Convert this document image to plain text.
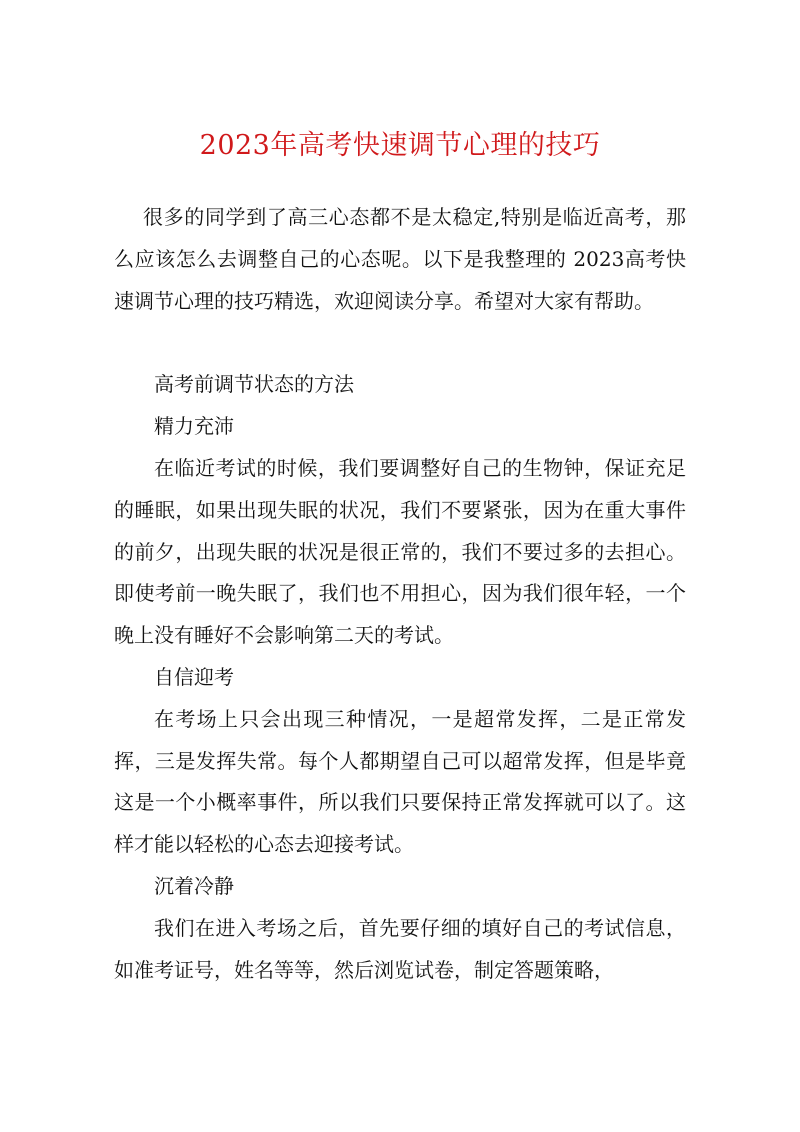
2023年高考快速调节心理的技巧

很多的同学到了高三心态都不是太稳定,特别是临近高考，那么应该怎么去调整自己的心态呢。以下是我整理的 2023高考快速调节心理的技巧精选，欢迎阅读分享。希望对大家有帮助。

高考前调节状态的方法

精力充沛

在临近考试的时候，我们要调整好自己的生物钟，保证充足的睡眠，如果出现失眠的状况，我们不要紧张，因为在重大事件的前夕，出现失眠的状况是很正常的，我们不要过多的去担心。即使考前一晚失眠了，我们也不用担心，因为我们很年轻，一个晚上没有睡好不会影响第二天的考试。

自信迎考

在考场上只会出现三种情况，一是超常发挥，二是正常发挥，三是发挥失常。每个人都期望自己可以超常发挥，但是毕竟这是一个小概率事件，所以我们只要保持正常发挥就可以了。这样才能以轻松的心态去迎接考试。

沉着冷静

我们在进入考场之后，首先要仔细的填好自己的考试信息，如准考证号，姓名等等，然后浏览试卷，制定答题策略，
